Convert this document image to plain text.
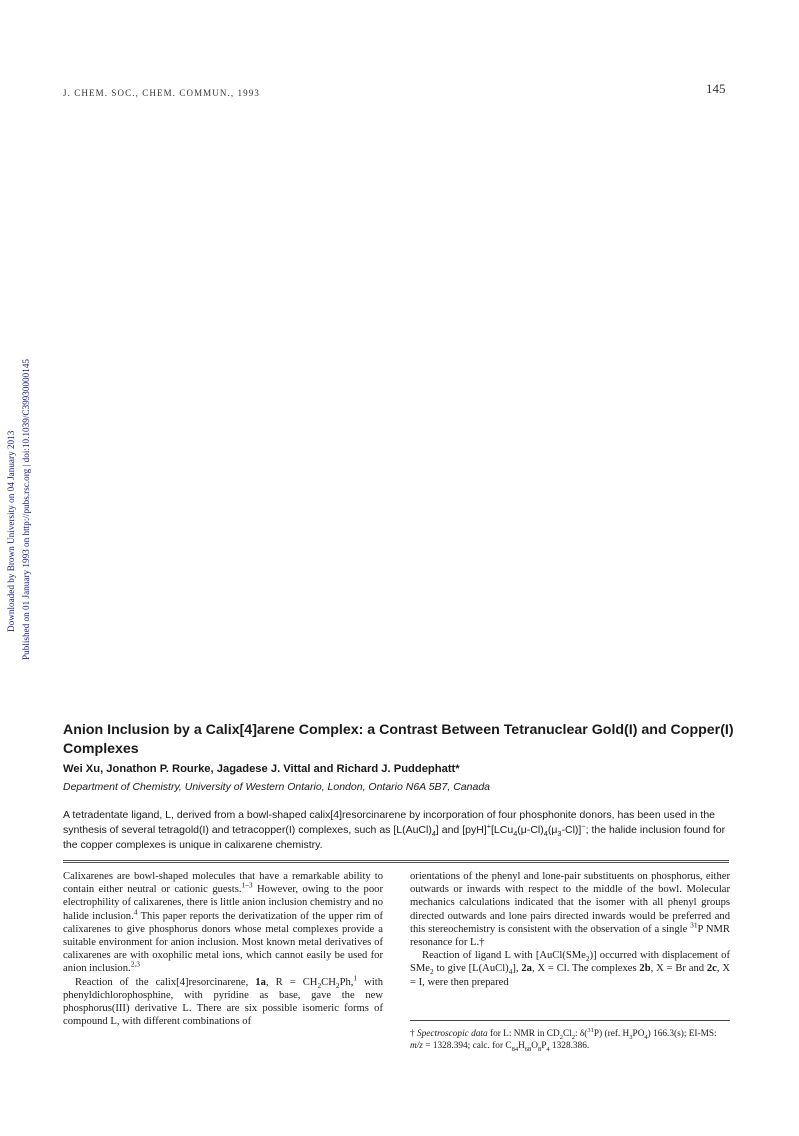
J. CHEM. SOC., CHEM. COMMUN., 1993	145
Downloaded by Brown University on 04 January 2013 Published on 01 January 1993 on http://pubs.rsc.org | doi:10.1039/C39930000145
Anion Inclusion by a Calix[4]arene Complex: a Contrast Between Tetranuclear Gold(I) and Copper(I) Complexes
Wei Xu, Jonathon P. Rourke, Jagadese J. Vittal and Richard J. Puddephatt*
Department of Chemistry, University of Western Ontario, London, Ontario N6A 5B7, Canada
A tetradentate ligand, L, derived from a bowl-shaped calix[4]resorcinarene by incorporation of four phosphonite donors, has been used in the synthesis of several tetragold(I) and tetracopper(I) complexes, such as $[L(AuCl)_4]$ and $[pyH]^+[LCu_4(\mu-Cl)_4(\mu_3-Cl)]^-$; the halide inclusion found for the copper complexes is unique in calixarene chemistry.

Calixarenes are bowl-shaped molecules that have a remarkable ability to contain either neutral or cationic guests.$^{1-3}$ However, owing to the poor electrophility of calixarenes, there is little anion inclusion chemistry and no halide inclusion.$^4$ This paper reports the derivatization of the upper rim of calixarenes to give phosphorus donors whose metal complexes provide a suitable environment for anion inclusion. Most known metal derivatives of calixarenes are with oxophilic metal ions, which cannot easily be used for anion inclusion.$^{2,3}$

Reaction of the calix[4]resorcinarene, 1a, $R = CH_2CH_2Ph,^1$ with phenyldichlorophosphine, with pyridine as base, gave the new phosphorus(III) derivative L. There are six possible isomeric forms of compound L, with different combinations of

orientations of the phenyl and lone-pair substituents on phosphorus, either outwards or inwards with respect to the middle of the bowl. Molecular mechanics calculations indicated that the isomer with all phenyl groups directed outwards and lone pairs directed inwards would be preferred and this stereochemistry is consistent with the observation of a single $^{31}$P NMR resonance for L.†

Reaction of ligand L with [AuCl(SMe$_2$)] occurred with displacement of SMe$_2$ to give $[L(AuCl)_4]$, 2a, X = Cl. The complexes 2b, X = Br and 2c, X = I, were then prepared

† Spectroscopic data for L: NMR in $CD_2Cl_2$: δ($^{31}$P) (ref. $H_3PO_4$) 166.3(s); EI-MS: m/z = 1328.394; calc. for $C_{84}H_{68}O_8P_4$ 1328.386.
